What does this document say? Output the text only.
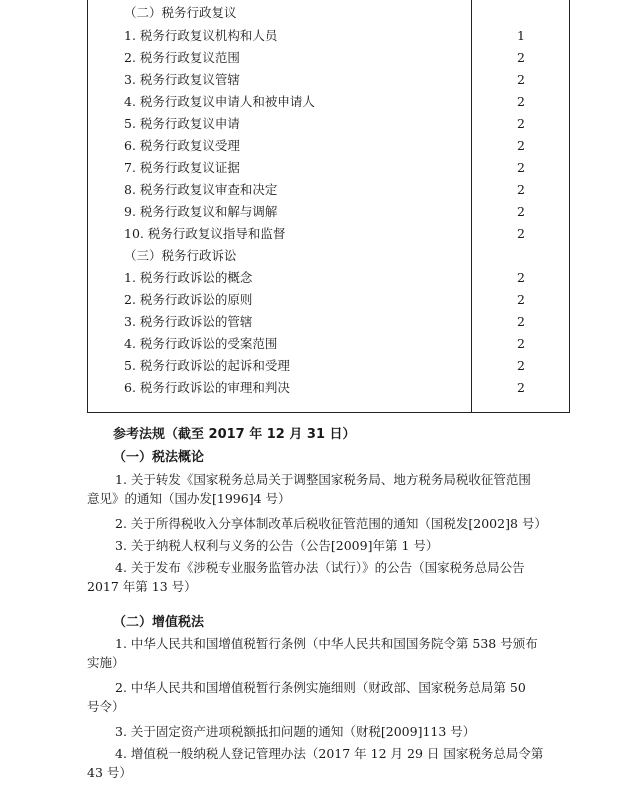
（二）税务行政复议
1. 税务行政复议机构和人员	1
2. 税务行政复议范围	2
3. 税务行政复议管辖	2
4. 税务行政复议申请人和被申请人	2
5. 税务行政复议申请	2
6. 税务行政复议受理	2
7. 税务行政复议证据	2
8. 税务行政复议审查和决定	2
9. 税务行政复议和解与调解	2
10. 税务行政复议指导和监督	2
（三）税务行政诉讼
1. 税务行政诉讼的概念	2
2. 税务行政诉讼的原则	2
3. 税务行政诉讼的管辖	2
4. 税务行政诉讼的受案范围	2
5. 税务行政诉讼的起诉和受理	2
6. 税务行政诉讼的审理和判决	2
参考法规（截至 2017 年 12 月 31 日）
（一）税法概论
1. 关于转发《国家税务总局关于调整国家税务局、地方税务局税收征管范围
意见》的通知（国办发[1996]4 号）
2. 关于所得税收入分享体制改革后税收征管范围的通知（国税发[2002]8 号）
3. 关于纳税人权利与义务的公告（公告[2009]年第 1 号）
4. 关于发布《涉税专业服务监管办法（试行）》的公告（国家税务总局公告
2017 年第 13 号）
（二）增值税法
1. 中华人民共和国增值税暂行条例（中华人民共和国国务院令第 538 号颁布
实施）
2. 中华人民共和国增值税暂行条例实施细则（财政部、国家税务总局第 50
号令）
3. 关于固定资产进项税额抵扣问题的通知（财税[2009]113 号）
4. 增值税一般纳税人登记管理办法（2017 年 12 月 29 日 国家税务总局令第
43 号）
